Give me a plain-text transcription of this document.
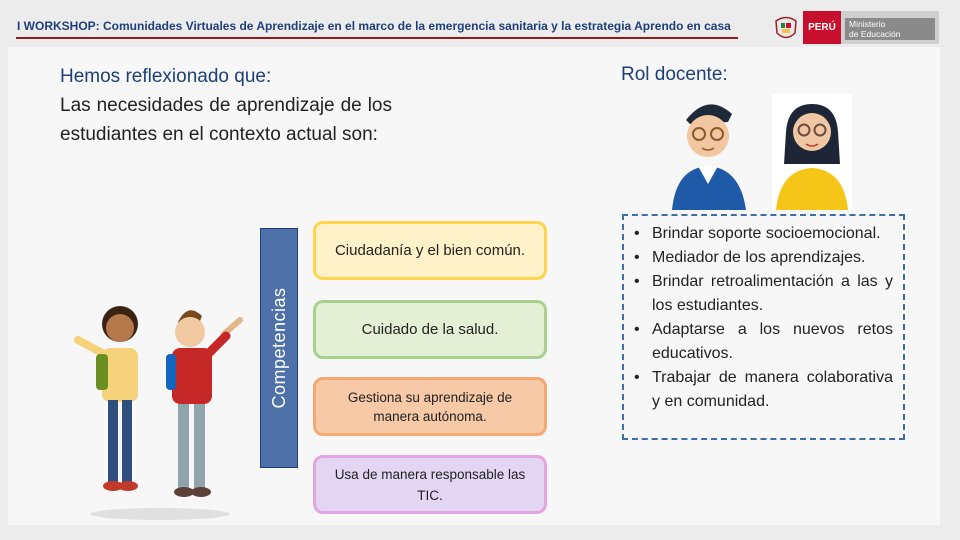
I WORKSHOP: Comunidades Virtuales de Aprendizaje en el marco de la emergencia sanitaria y la estrategia Aprendo en casa	PERÚ	Ministerio
de Educación
Hemos reflexionado que:
Las necesidades de aprendizaje de los estudiantes en el contexto actual son:
Rol docente:
Competencias
Ciudadanía y el bien común.
Cuidado de la salud.
Gestiona su aprendizaje de manera autónoma.
Usa de manera responsable las TIC.
• Brindar soporte socioemocional.
• Mediador de los aprendizajes.
• Brindar retroalimentación a las y los estudiantes.
• Adaptarse a los nuevos retos educativos.
• Trabajar de manera colaborativa y en comunidad.
